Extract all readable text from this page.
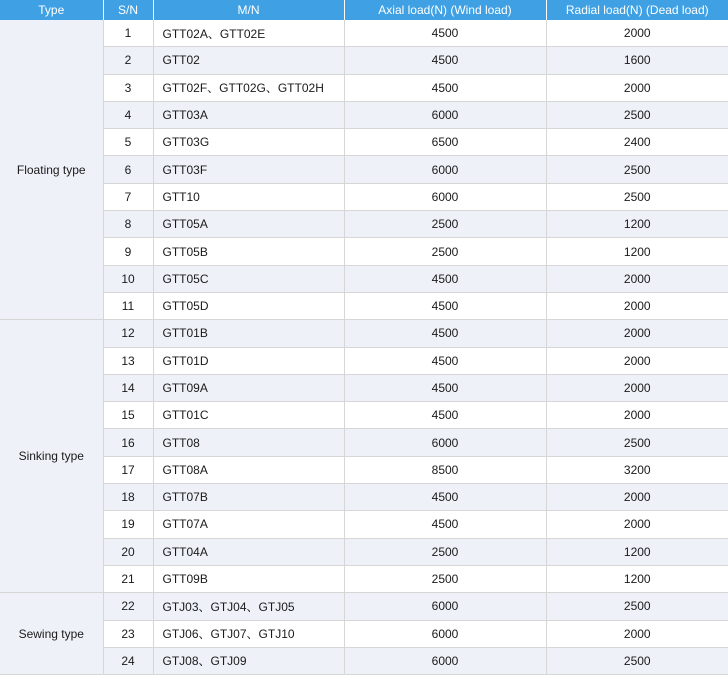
Type	S/N	M/N	Axial load(N) (Wind load)	Radial load(N) (Dead load)
Floating type	1	GTT02A、GTT02E	4500	2000
	2	GTT02	4500	1600
	3	GTT02F、GTT02G、GTT02H	4500	2000
	4	GTT03A	6000	2500
	5	GTT03G	6500	2400
	6	GTT03F	6000	2500
	7	GTT10	6000	2500
	8	GTT05A	2500	1200
	9	GTT05B	2500	1200
	10	GTT05C	4500	2000
	11	GTT05D	4500	2000
Sinking type	12	GTT01B	4500	2000
	13	GTT01D	4500	2000
	14	GTT09A	4500	2000
	15	GTT01C	4500	2000
	16	GTT08	6000	2500
	17	GTT08A	8500	3200
	18	GTT07B	4500	2000
	19	GTT07A	4500	2000
	20	GTT04A	2500	1200
	21	GTT09B	2500	1200
Sewing type	22	GTJ03、GTJ04、GTJ05	6000	2500
	23	GTJ06、GTJ07、GTJ10	6000	2000
	24	GTJ08、GTJ09	6000	2500
